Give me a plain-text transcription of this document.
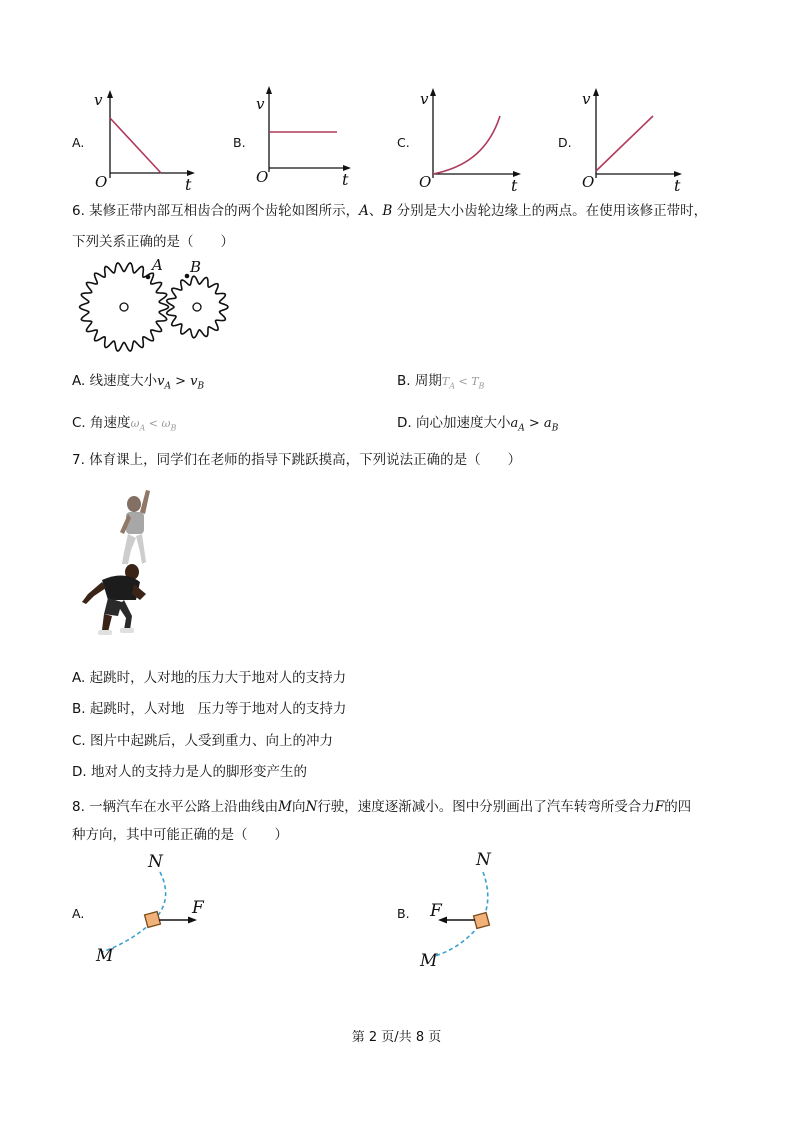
A.
v
t
O
B.
v
t
O
C.
v
t
O
D.
v
t
O
6. 某修正带内部互相齿合的两个齿轮如图所示，A、B 分别是大小齿轮边缘上的两点。在使用该修正带时，
下列关系正确的是（　　）
A B
A. 线速度大小$v_A > v_B$	B. 周期$T_A < T_B$
C. 角速度$\omega_A < \omega_B$	D. 向心加速度大小$a_A > a_B$
7. 体育课上，同学们在老师的指导下跳跃摸高，下列说法正确的是（　　）
A. 起跳时，人对地的压力大于地对人的支持力
B. 起跳时，人对地　压力等于地对人的支持力
C. 图片中起跳后，人受到重力、向上的冲力
D. 地对人的支持力是人的脚形变产生的
8. 一辆汽车在水平公路上沿曲线由M向N行驶，速度逐渐减小。图中分别画出了汽车转弯所受合力F的四
种方向，其中可能正确的是（　　）
A.
N
M
F	B.
N
M
F
第 2 页/共 8 页
